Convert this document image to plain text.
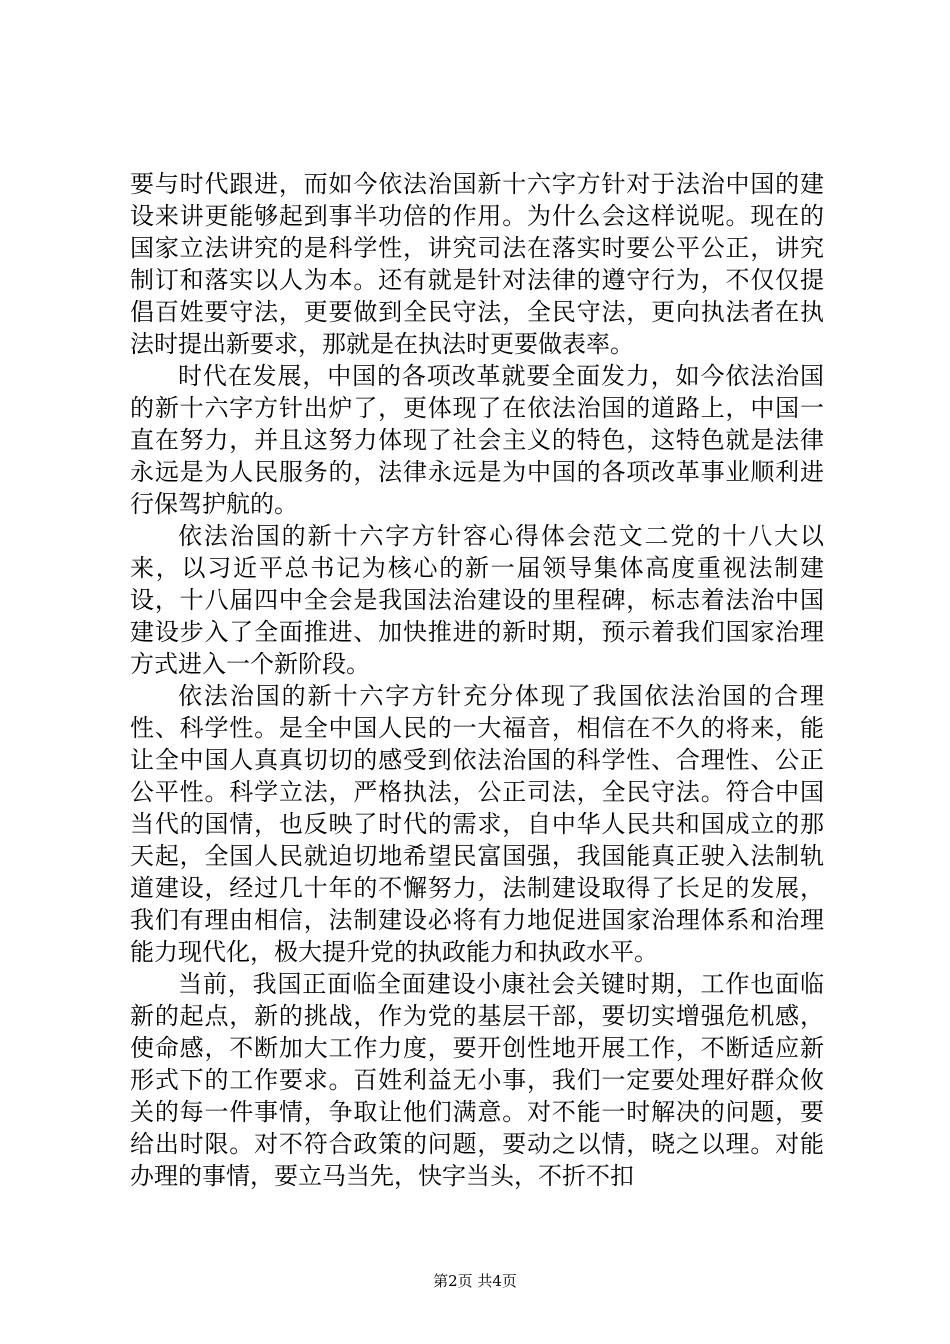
要与时代跟进，而如今依法治国新十六字方针对于法治中国的建设来讲更能够起到事半功倍的作用。为什么会这样说呢。现在的国家立法讲究的是科学性，讲究司法在落实时要公平公正，讲究制订和落实以人为本。还有就是针对法律的遵守行为，不仅仅提倡百姓要守法，更要做到全民守法，全民守法，更向执法者在执法时提出新要求，那就是在执法时更要做表率。

时代在发展，中国的各项改革就要全面发力，如今依法治国的新十六字方针出炉了，更体现了在依法治国的道路上，中国一直在努力，并且这努力体现了社会主义的特色，这特色就是法律永远是为人民服务的，法律永远是为中国的各项改革事业顺利进行保驾护航的。

依法治国的新十六字方针容心得体会范文二党的十八大以来，以习近平总书记为核心的新一届领导集体高度重视法制建设，十八届四中全会是我国法治建设的里程碑，标志着法治中国建设步入了全面推进、加快推进的新时期，预示着我们国家治理方式进入一个新阶段。

依法治国的新十六字方针充分体现了我国依法治国的合理性、科学性。是全中国人民的一大福音，相信在不久的将来，能让全中国人真真切切的感受到依法治国的科学性、合理性、公正公平性。科学立法，严格执法，公正司法，全民守法。符合中国当代的国情，也反映了时代的需求，自中华人民共和国成立的那天起，全国人民就迫切地希望民富国强，我国能真正驶入法制轨道建设，经过几十年的不懈努力，法制建设取得了长足的发展，我们有理由相信，法制建设必将有力地促进国家治理体系和治理能力现代化，极大提升党的执政能力和执政水平。

当前，我国正面临全面建设小康社会关键时期，工作也面临新的起点，新的挑战，作为党的基层干部，要切实增强危机感，使命感，不断加大工作力度，要开创性地开展工作，不断适应新形式下的工作要求。百姓利益无小事，我们一定要处理好群众攸关的每一件事情，争取让他们满意。对不能一时解决的问题，要给出时限。对不符合政策的问题，要动之以情，晓之以理。对能办理的事情，要立马当先，快字当头，不折不扣

第2页 共4页
